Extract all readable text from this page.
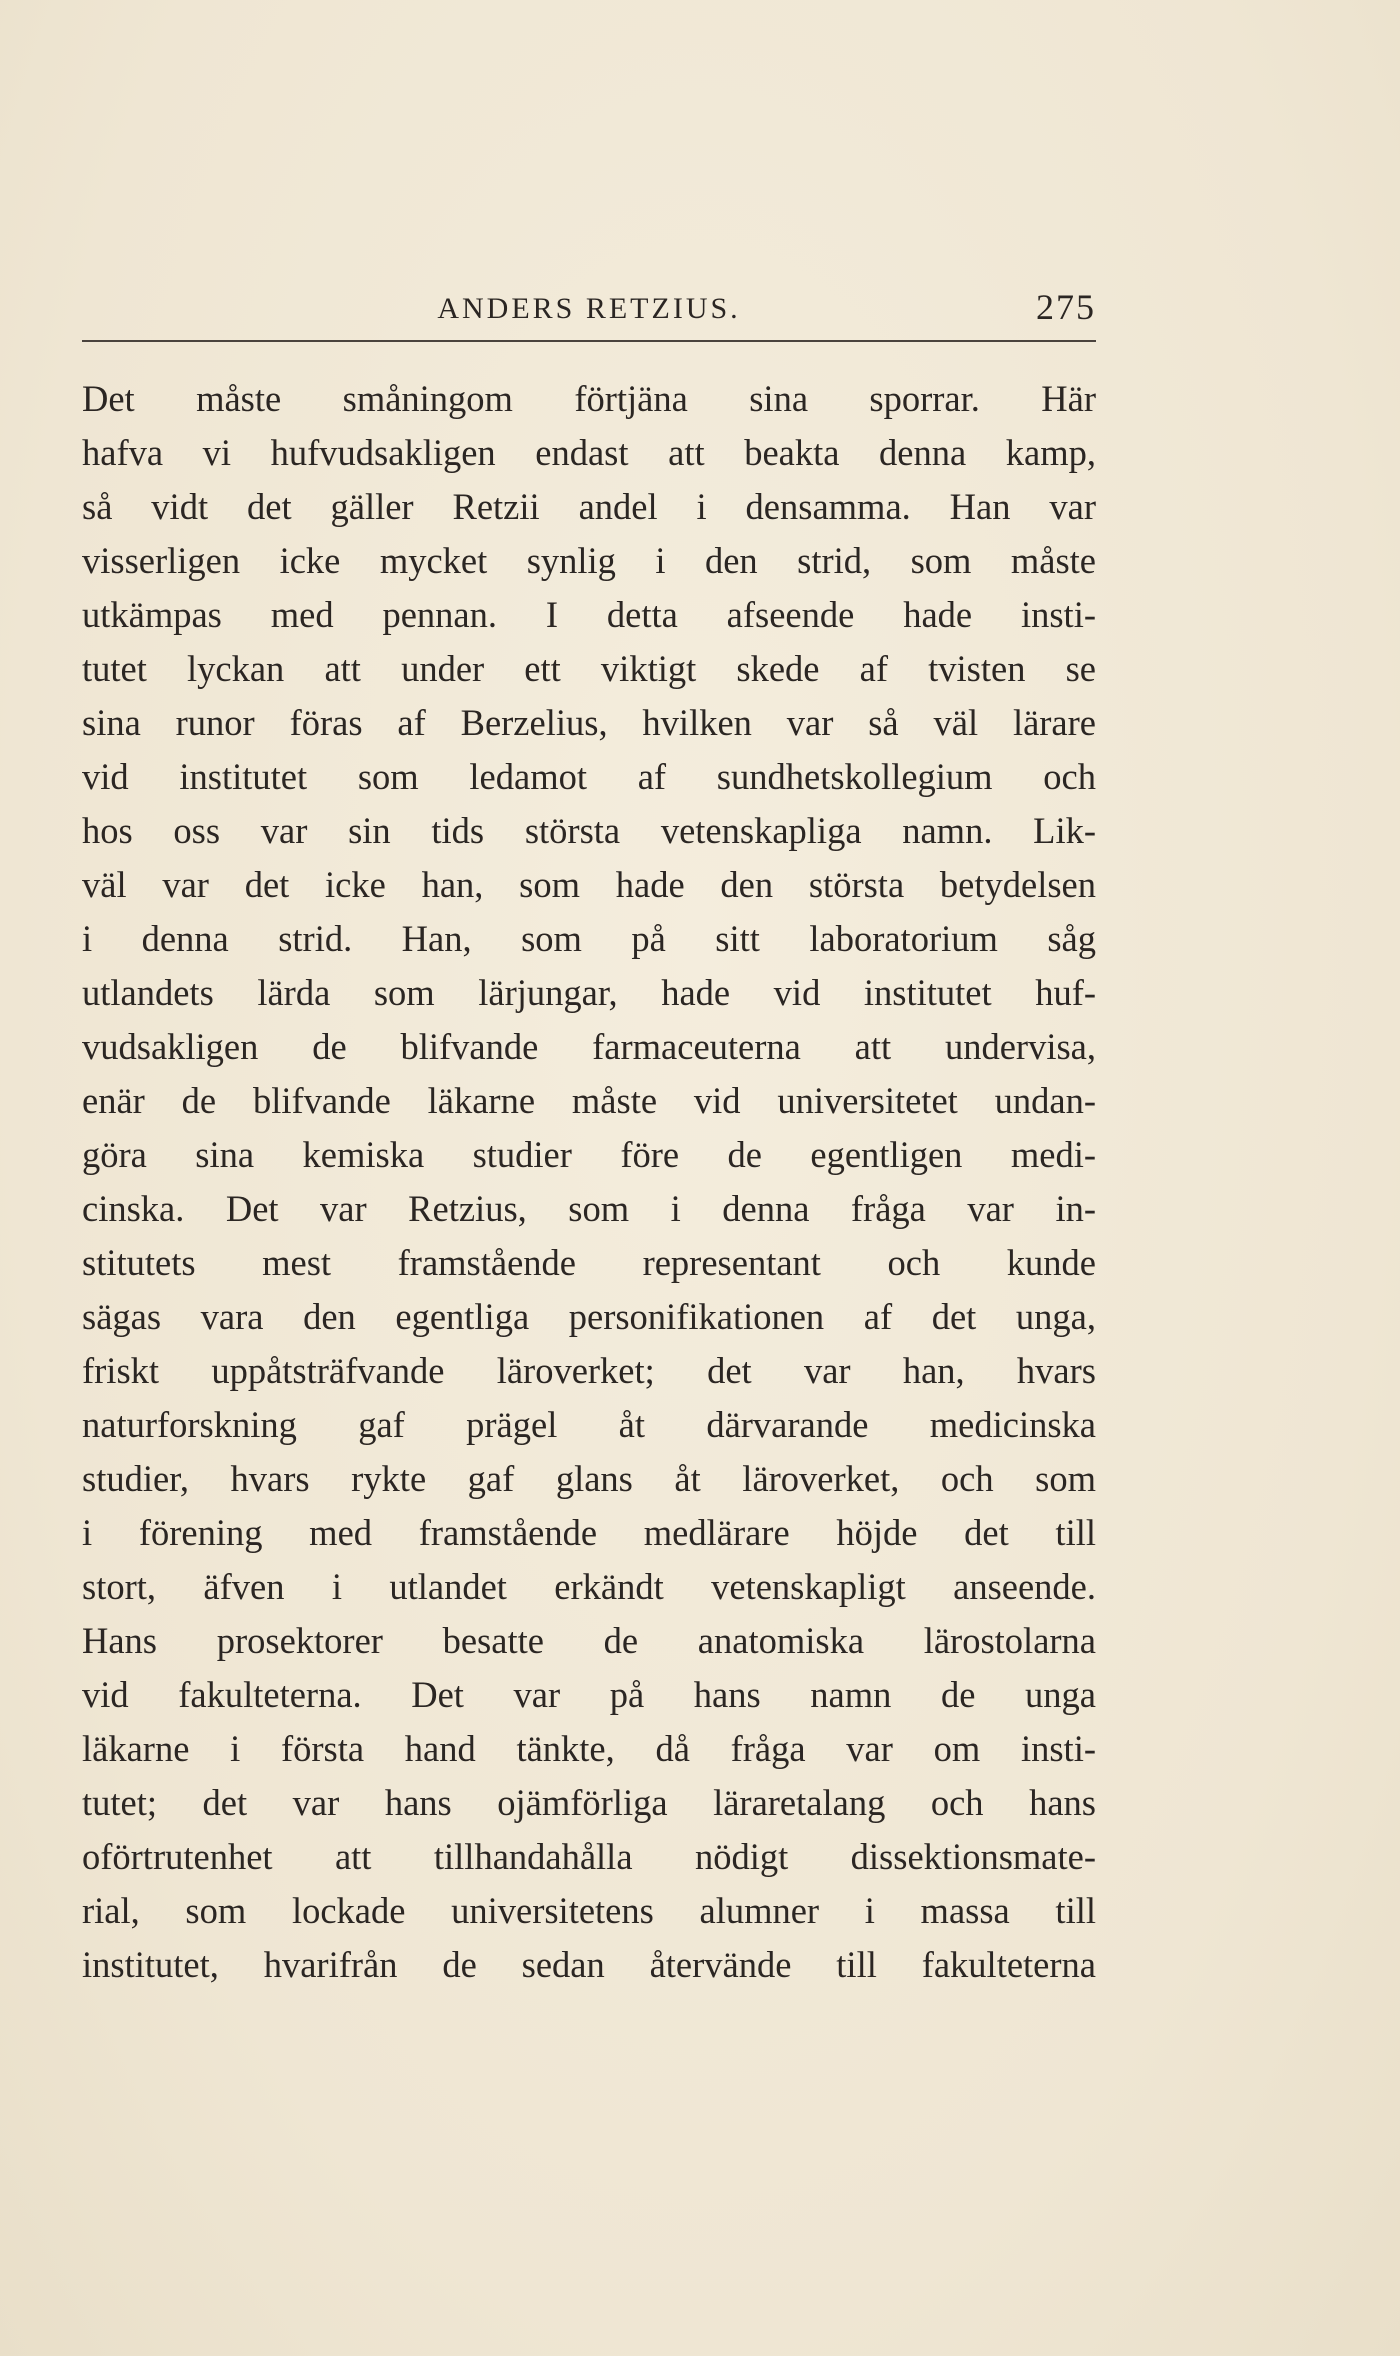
ANDERS RETZIUS.	275
Det måste småningom förtjäna sina sporrar. Här
hafva vi hufvudsakligen endast att beakta denna kamp,
så vidt det gäller Retzii andel i densamma. Han var
visserligen icke mycket synlig i den strid, som måste
utkämpas med pennan. I detta afseende hade insti-
tutet lyckan att under ett viktigt skede af tvisten se
sina runor föras af Berzelius, hvilken var så väl lärare
vid institutet som ledamot af sundhetskollegium och
hos oss var sin tids största vetenskapliga namn. Lik-
väl var det icke han, som hade den största betydelsen
i denna strid. Han, som på sitt laboratorium såg
utlandets lärda som lärjungar, hade vid institutet huf-
vudsakligen de blifvande farmaceuterna att undervisa,
enär de blifvande läkarne måste vid universitetet undan-
göra sina kemiska studier före de egentligen medi-
cinska. Det var Retzius, som i denna fråga var in-
stitutets mest framstående representant och kunde
sägas vara den egentliga personifikationen af det unga,
friskt uppåtsträfvande läroverket; det var han, hvars
naturforskning gaf prägel åt därvarande medicinska
studier, hvars rykte gaf glans åt läroverket, och som
i förening med framstående medlärare höjde det till
stort, äfven i utlandet erkändt vetenskapligt anseende.
Hans prosektorer besatte de anatomiska lärostolarna
vid fakulteterna. Det var på hans namn de unga
läkarne i första hand tänkte, då fråga var om insti-
tutet; det var hans ojämförliga läraretalang och hans
oförtrutenhet att tillhandahålla nödigt dissektionsmate-
rial, som lockade universitetens alumner i massa till
institutet, hvarifrån de sedan återvände till fakulteterna
